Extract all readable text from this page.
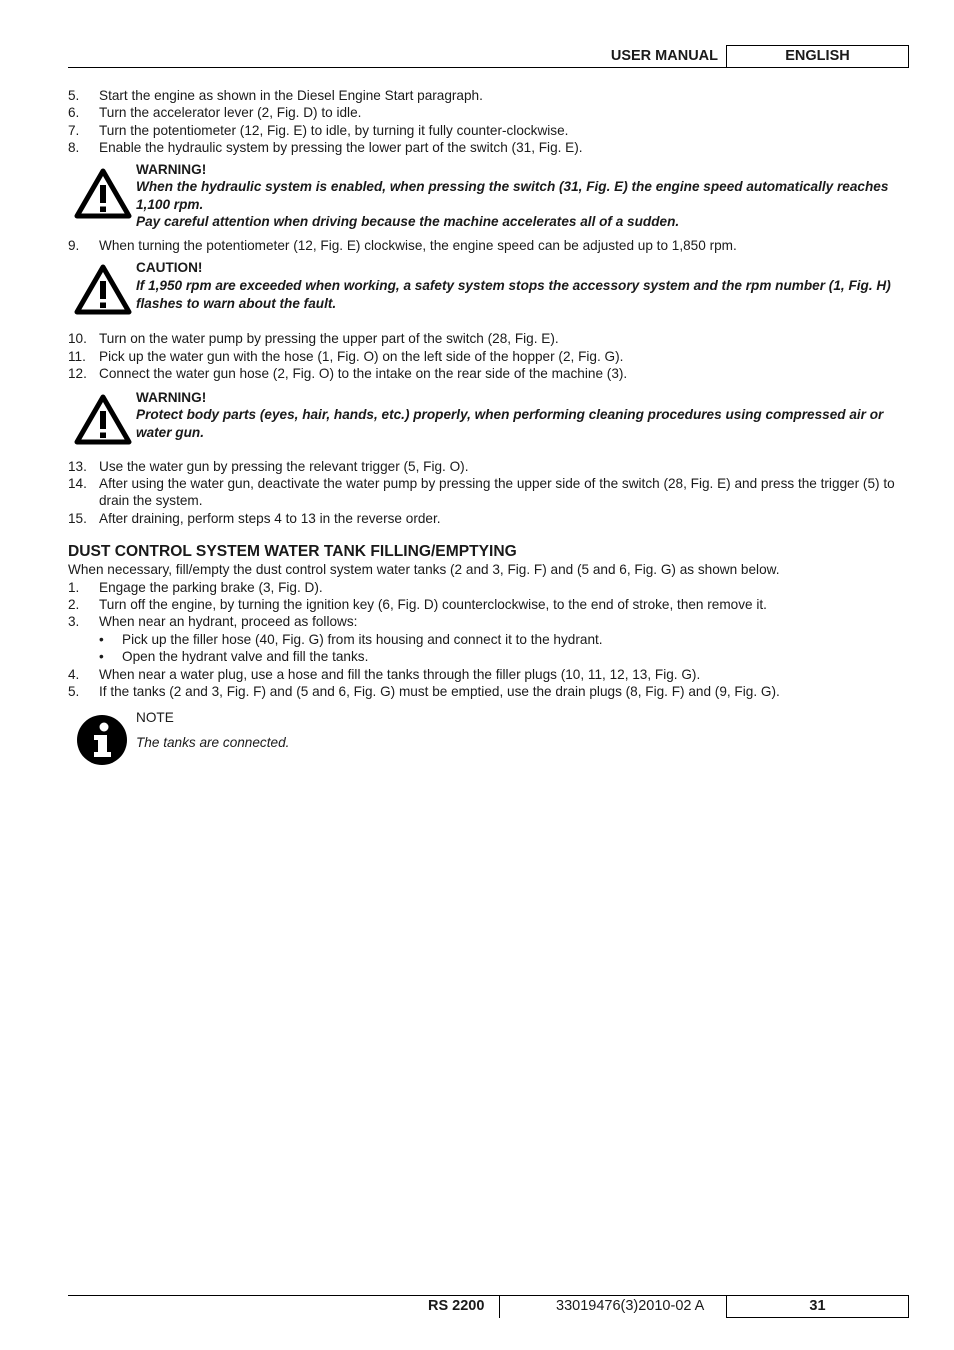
USER MANUAL	ENGLISH
5.	Start the engine as shown in the Diesel Engine Start paragraph.
6.	Turn the accelerator lever (2, Fig. D) to idle.
7.	Turn the potentiometer (12, Fig. E) to idle, by turning it fully counter-clockwise.
8.	Enable the hydraulic system by pressing the lower part of the switch (31, Fig. E).
WARNING!
When the hydraulic system is enabled, when pressing the switch (31, Fig. E) the engine speed automatically reaches 1,100 rpm.
Pay careful attention when driving because the machine accelerates all of a sudden.
9.	When turning the potentiometer (12, Fig. E) clockwise, the engine speed can be adjusted up to 1,850 rpm.
CAUTION!
If 1,950 rpm are exceeded when working, a safety system stops the accessory system and the rpm number (1, Fig. H) flashes to warn about the fault.
10. Turn on the water pump by pressing the upper part of the switch (28, Fig. E).
11. Pick up the water gun with the hose (1, Fig. O) on the left side of the hopper (2, Fig. G).
12. Connect the water gun hose (2, Fig. O) to the intake on the rear side of the machine (3).
WARNING!
Protect body parts (eyes, hair, hands, etc.) properly, when performing cleaning procedures using compressed air or water gun.
13. Use the water gun by pressing the relevant trigger (5, Fig. O).
14. After using the water gun, deactivate the water pump by pressing the upper side of the switch (28, Fig. E) and press the trigger (5) to drain the system.
15. After draining, perform steps 4 to 13 in the reverse order.
DUST CONTROL SYSTEM WATER TANK FILLING/EMPTYING

When necessary, fill/empty the dust control system water tanks (2 and 3, Fig. F) and (5 and 6, Fig. G) as shown below.

1.	Engage the parking brake (3, Fig. D).
2.	Turn off the engine, by turning the ignition key (6, Fig. D) counterclockwise, to the end of stroke, then remove it.
3.	When near an hydrant, proceed as follows:
•	Pick up the filler hose (40, Fig. G) from its housing and connect it to the hydrant.
•	Open the hydrant valve and fill the tanks.
4.	When near a water plug, use a hose and fill the tanks through the filler plugs (10, 11, 12, 13, Fig. G).
5.	If the tanks (2 and 3, Fig. F) and (5 and 6, Fig. G) must be emptied, use the drain plugs (8, Fig. F) and (9, Fig. G).
NOTE
The tanks are connected.
RS 2200	33019476(3)2010-02 A	31
